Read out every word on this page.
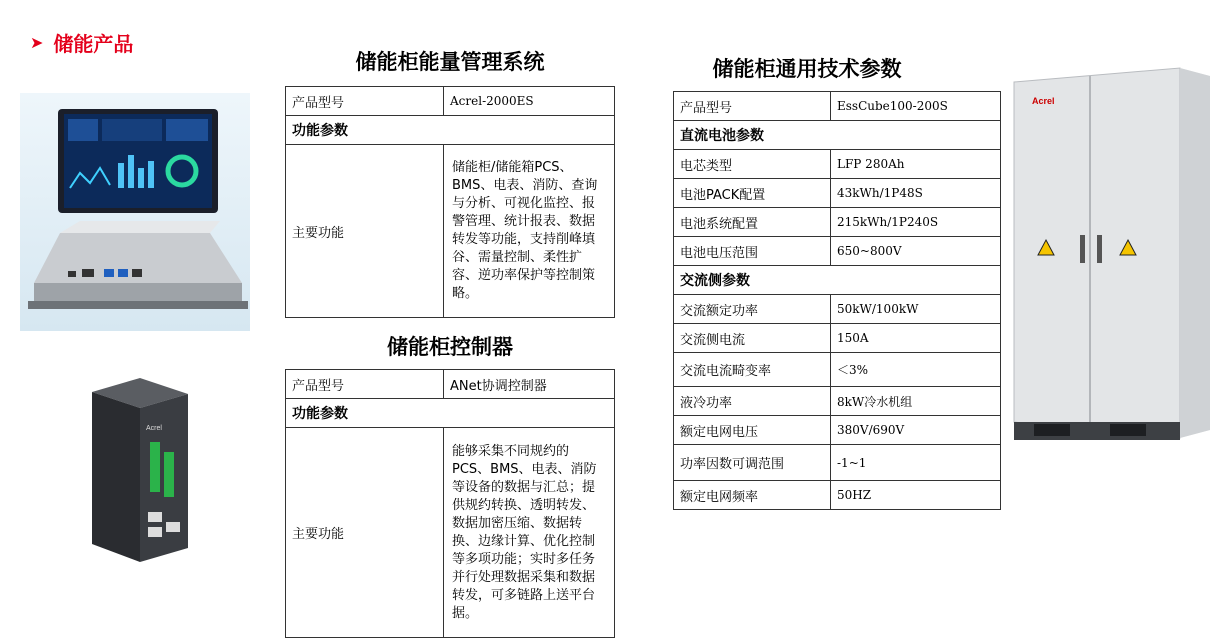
➤ 储能产品
Acrel
储能柜能量管理系统
产品型号	Acrel-2000ES
功能参数	
主要功能	储能柜/储能箱PCS、BMS、电表、消防、查询与分析、可视化监控、报警管理、统计报表、数据转发等功能，支持削峰填谷、需量控制、柔性扩容、逆功率保护等控制策略。
储能柜控制器
产品型号	ANet协调控制器
功能参数	
主要功能	能够采集不同规约的PCS、BMS、电表、消防等设备的数据与汇总；提供规约转换、透明转发、数据加密压缩、数据转换、边缘计算、优化控制等多项功能；实时多任务并行处理数据采集和数据转发，可多链路上送平台据。
储能柜通用技术参数
产品型号	EssCube100-200S
直流电池参数	
电芯类型	LFP 280Ah
电池PACK配置	43kWh/1P48S
电池系统配置	215kWh/1P240S
电池电压范围	650~800V
交流侧参数	
交流额定功率	50kW/100kW
交流侧电流	150A
交流电流畸变率	＜3%
液冷功率	8kW冷水机组
额定电网电压	380V/690V
功率因数可调范围	-1~1
额定电网频率	50HZ
Acrel
